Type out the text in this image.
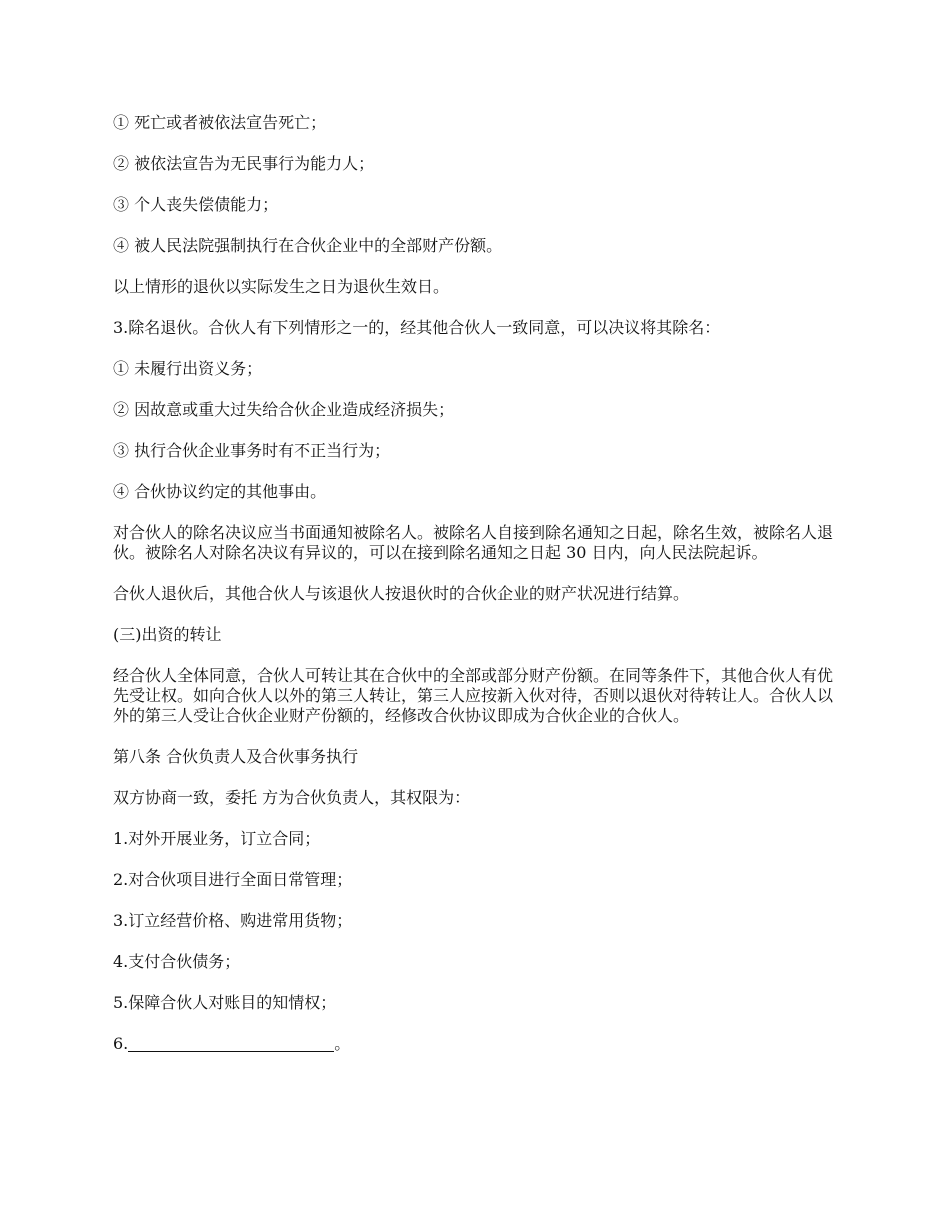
① 死亡或者被依法宣告死亡；

② 被依法宣告为无民事行为能力人；

③ 个人丧失偿债能力；

④ 被人民法院强制执行在合伙企业中的全部财产份额。

以上情形的退伙以实际发生之日为退伙生效日。

3.除名退伙。合伙人有下列情形之一的，经其他合伙人一致同意，可以决议将其除名：

① 未履行出资义务；

② 因故意或重大过失给合伙企业造成经济损失；

③ 执行合伙企业事务时有不正当行为；

④ 合伙协议约定的其他事由。

对合伙人的除名决议应当书面通知被除名人。被除名人自接到除名通知之日起，除名生效，被除名人退伙。被除名人对除名决议有异议的，可以在接到除名通知之日起 30 日内，向人民法院起诉。

合伙人退伙后，其他合伙人与该退伙人按退伙时的合伙企业的财产状况进行结算。

(三)出资的转让

经合伙人全体同意，合伙人可转让其在合伙中的全部或部分财产份额。在同等条件下，其他合伙人有优先受让权。如向合伙人以外的第三人转让，第三人应按新入伙对待，否则以退伙对待转让人。合伙人以外的第三人受让合伙企业财产份额的，经修改合伙协议即成为合伙企业的合伙人。

第八条 合伙负责人及合伙事务执行

双方协商一致，委托 方为合伙负责人，其权限为：

1.对外开展业务，订立合同；

2.对合伙项目进行全面日常管理；

3.订立经营价格、购进常用货物；

4.支付合伙债务；

5.保障合伙人对账目的知情权；

6.	。
